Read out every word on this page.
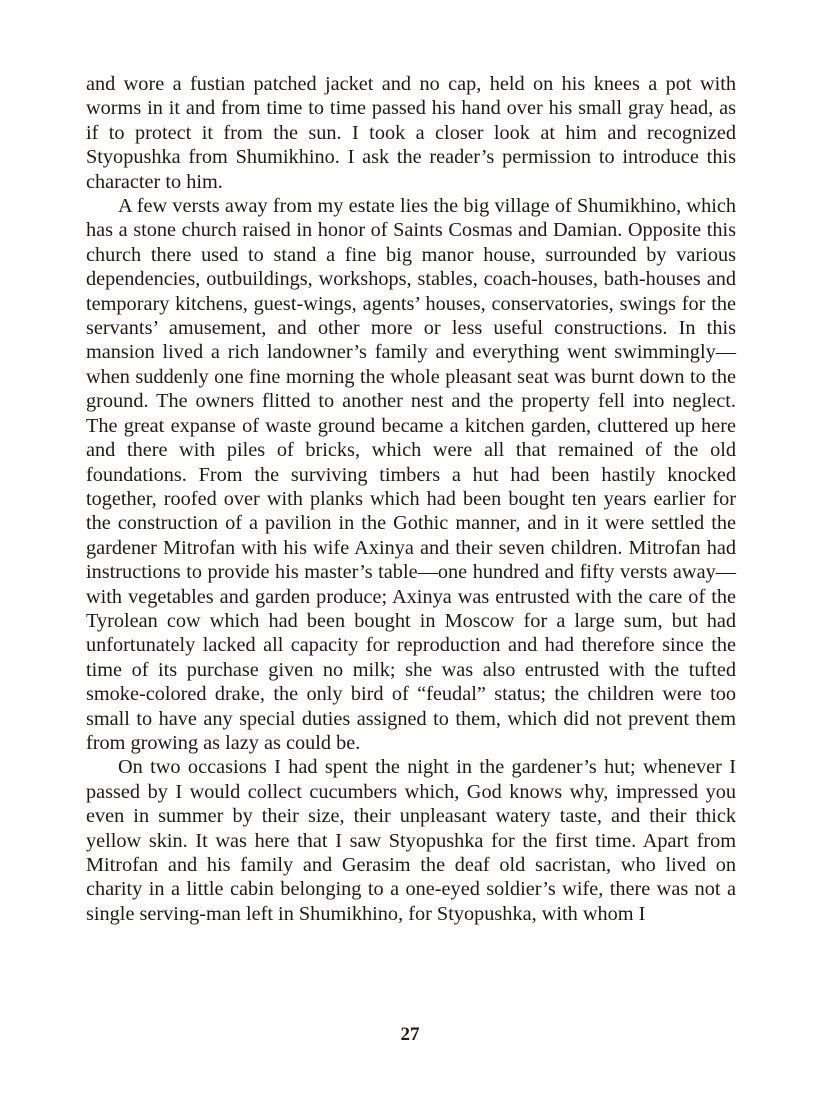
and wore a fustian patched jacket and no cap, held on his knees a pot with worms in it and from time to time passed his hand over his small gray head, as if to protect it from the sun. I took a closer look at him and recognized Styopushka from Shumikhino. I ask the reader’s permission to introduce this character to him.

A few versts away from my estate lies the big village of Shumikhino, which has a stone church raised in honor of Saints Cosmas and Damian. Opposite this church there used to stand a fine big manor house, surrounded by various dependencies, outbuildings, workshops, stables, coach-houses, bath-houses and temporary kitchens, guest-wings, agents’ houses, conservatories, swings for the servants’ amusement, and other more or less useful constructions. In this mansion lived a rich landowner’s family and everything went swimmingly—when suddenly one fine morning the whole pleasant seat was burnt down to the ground. The owners flitted to another nest and the property fell into neglect. The great expanse of waste ground became a kitchen garden, cluttered up here and there with piles of bricks, which were all that remained of the old foundations. From the surviving timbers a hut had been hastily knocked together, roofed over with planks which had been bought ten years earlier for the construction of a pavilion in the Gothic manner, and in it were settled the gardener Mitrofan with his wife Axinya and their seven children. Mitrofan had instructions to provide his master’s table—one hundred and fifty versts away—with vegetables and garden produce; Axinya was entrusted with the care of the Tyrolean cow which had been bought in Moscow for a large sum, but had unfortunately lacked all capacity for reproduction and had therefore since the time of its purchase given no milk; she was also entrusted with the tufted smoke-colored drake, the only bird of “feudal” status; the children were too small to have any special duties assigned to them, which did not prevent them from growing as lazy as could be.

On two occasions I had spent the night in the gardener’s hut; whenever I passed by I would collect cucumbers which, God knows why, impressed you even in summer by their size, their unpleasant watery taste, and their thick yellow skin. It was here that I saw Styopushka for the first time. Apart from Mitrofan and his family and Gerasim the deaf old sacristan, who lived on charity in a little cabin belonging to a one-eyed soldier’s wife, there was not a single serving-man left in Shumikhino, for Styopushka, with whom I

27
